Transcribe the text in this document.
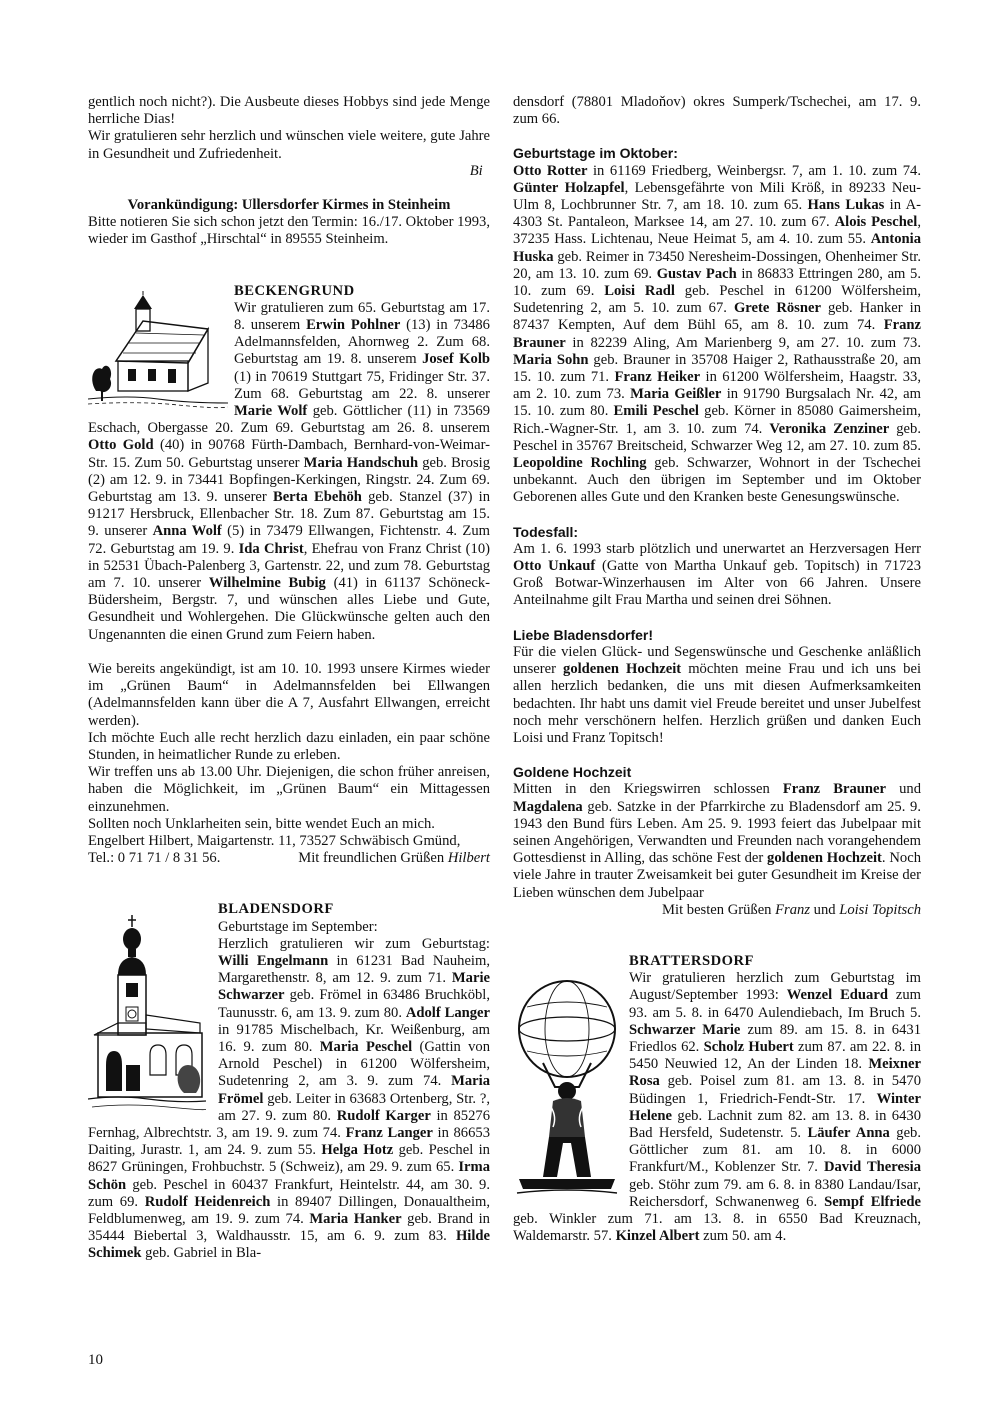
gentlich noch nicht?). Die Ausbeute dieses Hobbys sind jede Menge herrliche Dias!

Wir gratulieren sehr herzlich und wünschen viele weitere, gute Jahre in Gesundheit und Zufriedenheit.

Bi

Vorankündigung: Ullersdorfer Kirmes in Steinheim

Bitte notieren Sie sich schon jetzt den Termin: 16./17. Oktober 1993, wieder im Gasthof „Hirschtal“ in 89555 Steinheim.

BECKENGRUND

Wir gratulieren zum 65. Geburtstag am 17. 8. unserem Erwin Pohlner (13) in 73486 Adelmannsfelden, Ahornweg 2. Zum 68. Geburtstag am 19. 8. unserem Josef Kolb (1) in 70619 Stuttgart 75, Fridinger Str. 37. Zum 68. Geburtstag am 22. 8. unserer Marie Wolf geb. Göttlicher (11) in 73569 Eschach, Obergasse 20. Zum 69. Geburtstag am 26. 8. unserem Otto Gold (40) in 90768 Fürth-Dambach, Bernhard-von-Weimar-Str. 15. Zum 50. Geburtstag unserer Maria Handschuh geb. Brosig (2) am 12. 9. in 73441 Bopfingen-Kerkingen, Ringstr. 24. Zum 69. Geburtstag am 13. 9. unserer Berta Ebehöh geb. Stanzel (37) in 91217 Hersbruck, Ellenbacher Str. 18. Zum 87. Geburtstag am 15. 9. unserer Anna Wolf (5) in 73479 Ellwangen, Fichtenstr. 4. Zum 72. Geburtstag am 19. 9. Ida Christ, Ehefrau von Franz Christ (10) in 52531 Übach-Palenberg 3, Gartenstr. 22, und zum 78. Geburtstag am 7. 10. unserer Wilhelmine Bubig (41) in 61137 Schöneck-Büdersheim, Bergstr. 7, und wünschen alles Liebe und Gute, Gesundheit und Wohlergehen. Die Glückwünsche gelten auch den Ungenannten die einen Grund zum Feiern haben.

Wie bereits angekündigt, ist am 10. 10. 1993 unsere Kirmes wieder im „Grünen Baum“ in Adelmannsfelden bei Ellwangen (Adelmannsfelden kann über die A 7, Ausfahrt Ellwangen, erreicht werden).

Ich möchte Euch alle recht herzlich dazu einladen, ein paar schöne Stunden, in heimatlicher Runde zu erleben.

Wir treffen uns ab 13.00 Uhr. Diejenigen, die schon früher anreisen, haben die Möglichkeit, im „Grünen Baum“ ein Mittagessen einzunehmen.

Sollten noch Unklarheiten sein, bitte wendet Euch an mich.

Engelbert Hilbert, Maigartenstr. 11, 73527 Schwäbisch Gmünd,

Tel.: 0 71 71 / 8 31 56.	Mit freundlichen Grüßen Hilbert

BLADENSDORF

Geburtstage im September:

Herzlich gratulieren wir zum Geburtstag: Willi Engelmann in 61231 Bad Nauheim, Margarethenstr. 8, am 12. 9. zum 71. Marie Schwarzer geb. Frömel in 63486 Bruchköbl, Taunusstr. 6, am 13. 9. zum 80. Adolf Langer in 91785 Mischelbach, Kr. Weißenburg, am 16. 9. zum 80. Maria Peschel (Gattin von Arnold Peschel) in 61200 Wölfersheim, Sudetenring 2, am 3. 9. zum 74. Maria Frömel geb. Leiter in 63683 Ortenberg, Str. ?, am 27. 9. zum 80. Rudolf Karger in 85276 Fernhag, Albrechtstr. 3, am 19. 9. zum 74. Franz Langer in 86653 Daiting, Jurastr. 1, am 24. 9. zum 55. Helga Hotz geb. Peschel in 8627 Grüningen, Frohbuchstr. 5 (Schweiz), am 29. 9. zum 65. Irma Schön geb. Peschel in 60437 Frankfurt, Heintelstr. 44, am 30. 9. zum 69. Rudolf Heidenreich in 89407 Dillingen, Donaualtheim, Feldblumenweg, am 19. 9. zum 74. Maria Hanker geb. Brand in 35444 Biebertal 3, Waldhausstr. 15, am 6. 9. zum 83. Hilde Schimek geb. Gabriel in Bla-

densdorf (78801 Mladoňov) okres Sumperk/Tschechei, am 17. 9. zum 66.

Geburtstage im Oktober:

Otto Rotter in 61169 Friedberg, Weinbergsr. 7, am 1. 10. zum 74. Günter Holzapfel, Lebensgefährte von Mili Kröß, in 89233 Neu-Ulm 8, Lochbrunner Str. 7, am 18. 10. zum 65. Hans Lukas in A-4303 St. Pantaleon, Marksee 14, am 27. 10. zum 67. Alois Peschel, 37235 Hass. Lichtenau, Neue Heimat 5, am 4. 10. zum 55. Antonia Huska geb. Reimer in 73450 Neresheim-Dossingen, Ohenheimer Str. 20, am 13. 10. zum 69. Gustav Pach in 86833 Ettringen 280, am 5. 10. zum 69. Loisi Radl geb. Peschel in 61200 Wölfersheim, Sudetenring 2, am 5. 10. zum 67. Grete Rösner geb. Hanker in 87437 Kempten, Auf dem Bühl 65, am 8. 10. zum 74. Franz Brauner in 82239 Aling, Am Marienberg 9, am 27. 10. zum 73. Maria Sohn geb. Brauner in 35708 Haiger 2, Rathausstraße 20, am 15. 10. zum 71. Franz Heiker in 61200 Wölfersheim, Haagstr. 33, am 2. 10. zum 73. Maria Geißler in 91790 Burgsalach Nr. 42, am 15. 10. zum 80. Emili Peschel geb. Körner in 85080 Gaimersheim, Rich.-Wagner-Str. 1, am 3. 10. zum 74. Veronika Zenziner geb. Peschel in 35767 Breitscheid, Schwarzer Weg 12, am 27. 10. zum 85. Leopoldine Rochling geb. Schwarzer, Wohnort in der Tschechei unbekannt. Auch den übrigen im September und im Oktober Geborenen alles Gute und den Kranken beste Genesungswünsche.

Todesfall:

Am 1. 6. 1993 starb plötzlich und unerwartet an Herzversagen Herr Otto Unkauf (Gatte von Martha Unkauf geb. Topitsch) in 71723 Groß Botwar-Winzerhausen im Alter von 66 Jahren. Unsere Anteilnahme gilt Frau Martha und seinen drei Söhnen.

Liebe Bladensdorfer!

Für die vielen Glück- und Segenswünsche und Geschenke anläßlich unserer goldenen Hochzeit möchten meine Frau und ich uns bei allen herzlich bedanken, die uns mit diesen Aufmerksamkeiten bedachten. Ihr habt uns damit viel Freude bereitet und unser Jubelfest noch mehr verschönern helfen. Herzlich grüßen und danken Euch Loisi und Franz Topitsch!

Goldene Hochzeit

Mitten in den Kriegswirren schlossen Franz Brauner und Magdalena geb. Satzke in der Pfarrkirche zu Bladensdorf am 25. 9. 1943 den Bund fürs Leben. Am 25. 9. 1993 feiert das Jubelpaar mit seinen Angehörigen, Verwandten und Freunden nach vorangehendem Gottesdienst in Alling, das schöne Fest der goldenen Hochzeit. Noch viele Jahre in trauter Zweisamkeit bei guter Gesundheit im Kreise der Lieben wünschen dem Jubelpaar

Mit besten Grüßen Franz und Loisi Topitsch

BRATTERSDORF

Wir gratulieren herzlich zum Geburtstag im August/September 1993: Wenzel Eduard zum 93. am 5. 8. in 6470 Aulendiebach, Im Bruch 5. Schwarzer Marie zum 89. am 15. 8. in 6431 Friedlos 62. Scholz Hubert zum 87. am 22. 8. in 5450 Neuwied 12, An der Linden 18. Meixner Rosa geb. Poisel zum 81. am 13. 8. in 5470 Büdingen 1, Friedrich-Fendt-Str. 17. Winter Helene geb. Lachnit zum 82. am 13. 8. in 6430 Bad Hersfeld, Sudetenstr. 5. Läufer Anna geb. Göttlicher zum 81. am 10. 8. in 6000 Frankfurt/M., Koblenzer Str. 7. David Theresia geb. Stöhr zum 79. am 6. 8. in 8380 Landau/Isar, Reichersdorf, Schwanenweg 6. Sempf Elfriede geb. Winkler zum 71. am 13. 8. in 6550 Bad Kreuznach, Waldemarstr. 57. Kinzel Albert zum 50. am 4.

10
